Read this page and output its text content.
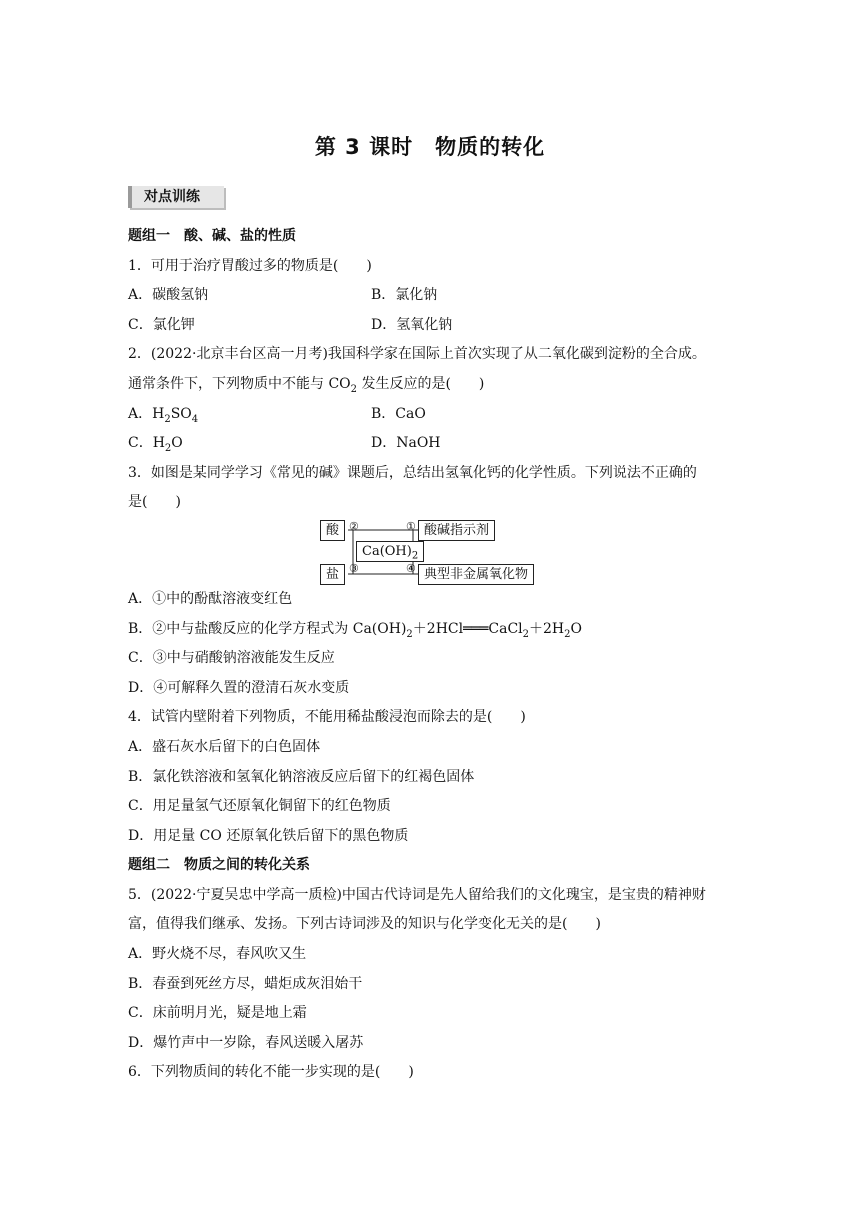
第 3 课时　物质的转化
对点训练
题组一　酸、碱、盐的性质
1．可用于治疗胃酸过多的物质是(　　)
A．碳酸氢钠	B．氯化钠
C．氯化钾	D．氢氧化钠
2．(2022·北京丰台区高一月考)我国科学家在国际上首次实现了从二氧化碳到淀粉的全合成。
通常条件下，下列物质中不能与 $CO_2$ 发生反应的是(　　)
A．$H_2SO_4$	B．CaO
C．$H_2O$	D．NaOH
3．如图是某同学学习《常见的碱》课题后，总结出氢氧化钙的化学性质。下列说法不正确的
是(　　)
酸
盐
$Ca(OH)_2$
酸碱指示剂
典型非金属氧化物
②	①
③	④
A．①中的酚酞溶液变红色
B．②中与盐酸反应的化学方程式为 $Ca(OH)_2+2HCl═══CaCl_2+2H_2O$
C．③中与硝酸钠溶液能发生反应
D．④可解释久置的澄清石灰水变质
4．试管内壁附着下列物质，不能用稀盐酸浸泡而除去的是(　　)
A．盛石灰水后留下的白色固体
B．氯化铁溶液和氢氧化钠溶液反应后留下的红褐色固体
C．用足量氢气还原氧化铜留下的红色物质
D．用足量 CO 还原氧化铁后留下的黑色物质
题组二　物质之间的转化关系
5．(2022·宁夏吴忠中学高一质检)中国古代诗词是先人留给我们的文化瑰宝，是宝贵的精神财
富，值得我们继承、发扬。下列古诗词涉及的知识与化学变化无关的是(　　)
A．野火烧不尽，春风吹又生
B．春蚕到死丝方尽，蜡炬成灰泪始干
C．床前明月光，疑是地上霜
D．爆竹声中一岁除，春风送暖入屠苏
6．下列物质间的转化不能一步实现的是(　　)
